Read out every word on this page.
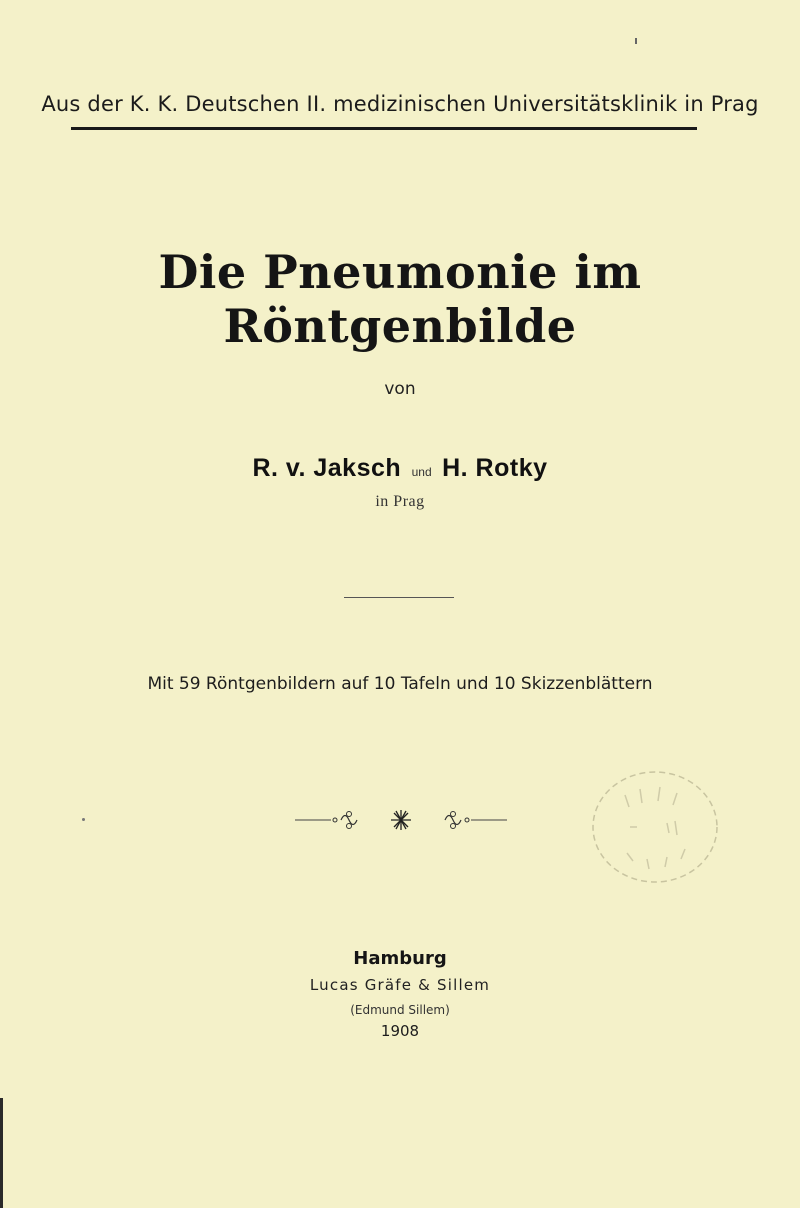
Aus der K. K. Deutschen II. medizinischen Universitätsklinik in Prag
Die Pneumonie im Röntgenbilde
von
R. v. Jaksch und H. Rotky
in Prag
Mit 59 Röntgenbildern auf 10 Tafeln und 10 Skizzenblättern
Hamburg
Lucas Gräfe & Sillem
(Edmund Sillem)
1908
